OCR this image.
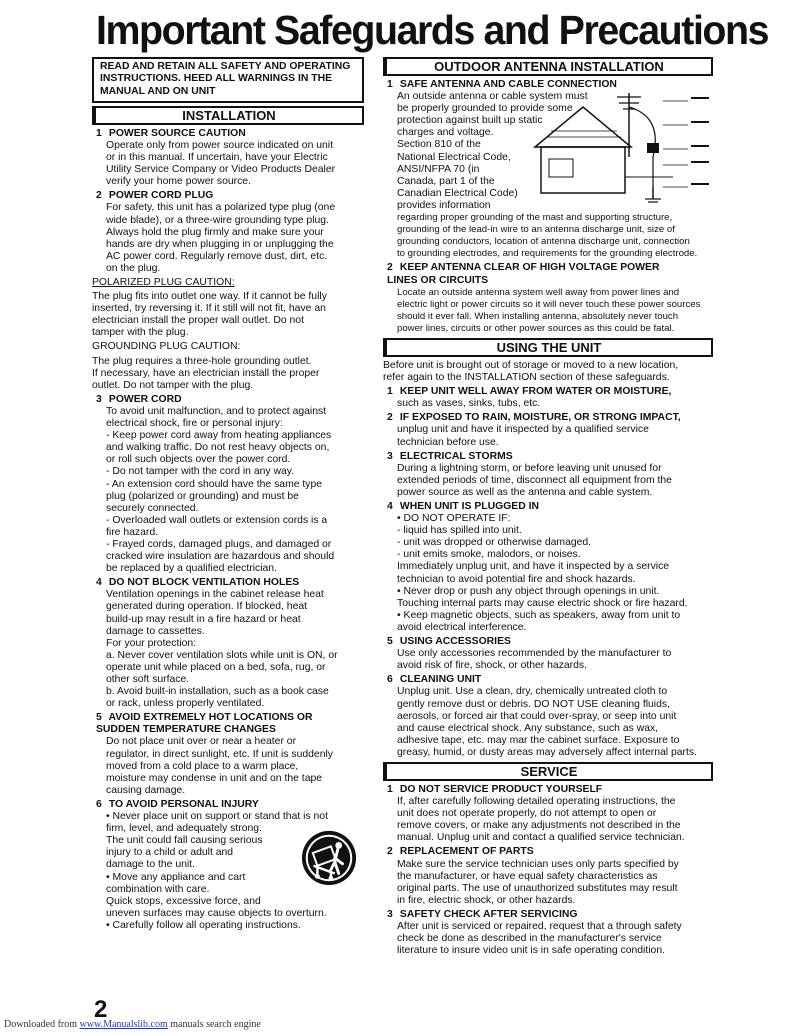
Important Safeguards and Precautions
READ AND RETAIN ALL SAFETY AND OPERATING INSTRUCTIONS. HEED ALL WARNINGS IN THE MANUAL AND ON UNIT
INSTALLATION
1 POWER SOURCE CAUTION
Operate only from power source indicated on unit
or in this manual. If uncertain, have your Electric
Utility Service Company or Video Products Dealer
verify your home power source.
2 POWER CORD PLUG
For safety, this unit has a polarized type plug (one
wide blade), or a three-wire grounding type plug.
Always hold the plug firmly and make sure your
hands are dry when plugging in or unplugging the
AC power cord. Regularly remove dust, dirt, etc.
on the plug.
POLARIZED PLUG CAUTION:
The plug fits into outlet one way. If it cannot be fully
inserted, try reversing it. If it still will not fit, have an
electrician install the proper wall outlet. Do not
tamper with the plug.
GROUNDING PLUG CAUTION:
The plug requires a three-hole grounding outlet.
If necessary, have an electrician install the proper
outlet. Do not tamper with the plug.
3 POWER CORD
To avoid unit malfunction, and to protect against
electrical shock, fire or personal injury:
- Keep power cord away from heating appliances
and walking traffic. Do not rest heavy objects on,
or roll such objects over the power cord.
- Do not tamper with the cord in any way.
- An extension cord should have the same type
plug (polarized or grounding) and must be
securely connected.
- Overloaded wall outlets or extension cords is a
fire hazard.
- Frayed cords, damaged plugs, and damaged or
cracked wire insulation are hazardous and should
be replaced by a qualified electrician.
4 DO NOT BLOCK VENTILATION HOLES
Ventilation openings in the cabinet release heat
generated during operation. If blocked, heat
build-up may result in a fire hazard or heat
damage to cassettes.
For your protection:
a. Never cover ventilation slots while unit is ON, or
operate unit while placed on a bed, sofa, rug, or
other soft surface.
b. Avoid built-in installation, such as a book case
or rack, unless properly ventilated.
5 AVOID EXTREMELY HOT LOCATIONS OR
SUDDEN TEMPERATURE CHANGES
Do not place unit over or near a heater or
regulator, in direct sunlight, etc. If unit is suddenly
moved from a cold place to a warm place,
moisture may condense in unit and on the tape
causing damage.
6 TO AVOID PERSONAL INJURY
• Never place unit on support or stand that is not
firm, level, and adequately strong.
The unit could fall causing serious
injury to a child or adult and
damage to the unit.
• Move any appliance and cart
combination with care.
Quick stops, excessive force, and
uneven surfaces may cause objects to overturn.
• Carefully follow all operating instructions.
OUTDOOR ANTENNA INSTALLATION
1 SAFE ANTENNA AND CABLE CONNECTION
An outside antenna or cable system must
be properly grounded to provide some
protection against built up static
charges and voltage.
Section 810 of the
National Electrical Code,
ANSI/NFPA 70 (in
Canada, part 1 of the
Canadian Electrical Code)
provides information
regarding proper grounding of the mast and supporting structure,
grounding of the lead-in wire to an antenna discharge unit, size of
grounding conductors, location of antenna discharge unit, connection
to grounding electrodes, and requirements for the grounding electrode.
2 KEEP ANTENNA CLEAR OF HIGH VOLTAGE POWER
LINES OR CIRCUITS
Locate an outside antenna system well away from power lines and
electric light or power circuits so it will never touch these power sources
should it ever fall. When installing antenna, absolutely never touch
power lines, circuits or other power sources as this could be fatal.
USING THE UNIT
Before unit is brought out of storage or moved to a new location,
refer again to the INSTALLATION section of these safeguards.
1 KEEP UNIT WELL AWAY FROM WATER OR MOISTURE,
such as vases, sinks, tubs, etc.
2 IF EXPOSED TO RAIN, MOISTURE, OR STRONG IMPACT,
unplug unit and have it inspected by a qualified service
technician before use.
3 ELECTRICAL STORMS
During a lightning storm, or before leaving unit unused for
extended periods of time, disconnect all equipment from the
power source as well as the antenna and cable system.
4 WHEN UNIT IS PLUGGED IN
• DO NOT OPERATE IF:
- liquid has spilled into unit.
- unit was dropped or otherwise damaged.
- unit emits smoke, malodors, or noises.
Immediately unplug unit, and have it inspected by a service
technician to avoid potential fire and shock hazards.
• Never drop or push any object through openings in unit.
Touching internal parts may cause electric shock or fire hazard.
• Keep magnetic objects, such as speakers, away from unit to
avoid electrical interference.
5 USING ACCESSORIES
Use only accessories recommended by the manufacturer to
avoid risk of fire, shock, or other hazards.
6 CLEANING UNIT
Unplug unit. Use a clean, dry, chemically untreated cloth to
gently remove dust or debris. DO NOT USE cleaning fluids,
aerosols, or forced air that could over-spray, or seep into unit
and cause electrical shock. Any substance, such as wax,
adhesive tape, etc. may mar the cabinet surface. Exposure to
greasy, humid, or dusty areas may adversely affect internal parts.
SERVICE
1 DO NOT SERVICE PRODUCT YOURSELF
If, after carefully following detailed operating instructions, the
unit does not operate properly, do not attempt to open or
remove covers, or make any adjustments not described in the
manual. Unplug unit and contact a qualified service technician.
2 REPLACEMENT OF PARTS
Make sure the service technician uses only parts specified by
the manufacturer, or have equal safety characteristics as
original parts. The use of unauthorized substitutes may result
in fire, electric shock, or other hazards.
3 SAFETY CHECK AFTER SERVICING
After unit is serviced or repaired, request that a through safety
check be done as described in the manufacturer's service
literature to insure video unit is in safe operating condition.
2
Downloaded from www.Manualslib.com manuals search engine
